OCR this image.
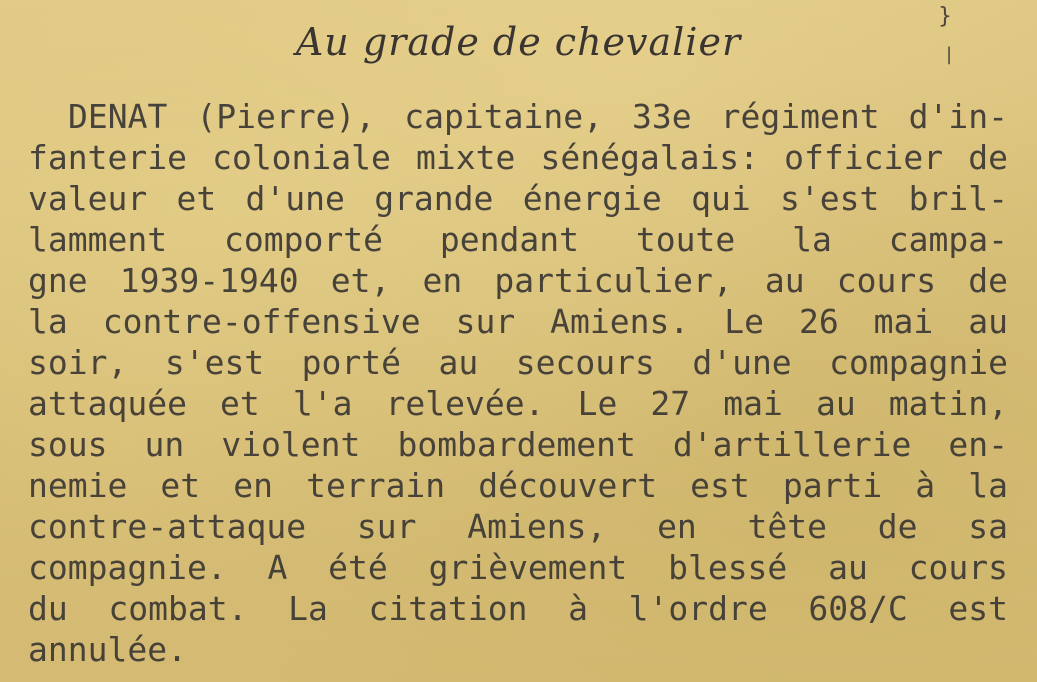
Au grade de chevalier
}
|
DENAT (Pierre), capitaine, 33e régiment d'in-
fanterie coloniale mixte sénégalais: officier de
valeur et d'une grande énergie qui s'est bril-
lamment comporté pendant toute la campa-
gne 1939-1940 et, en particulier, au cours de
la contre-offensive sur Amiens. Le 26 mai au
soir, s'est porté au secours d'une compagnie
attaquée et l'a relevée. Le 27 mai au matin,
sous un violent bombardement d'artillerie en-
nemie et en terrain découvert est parti à la
contre-attaque sur Amiens, en tête de sa
compagnie. A été grièvement blessé au cours
du combat. La citation à l'ordre 608/C est
annulée.
